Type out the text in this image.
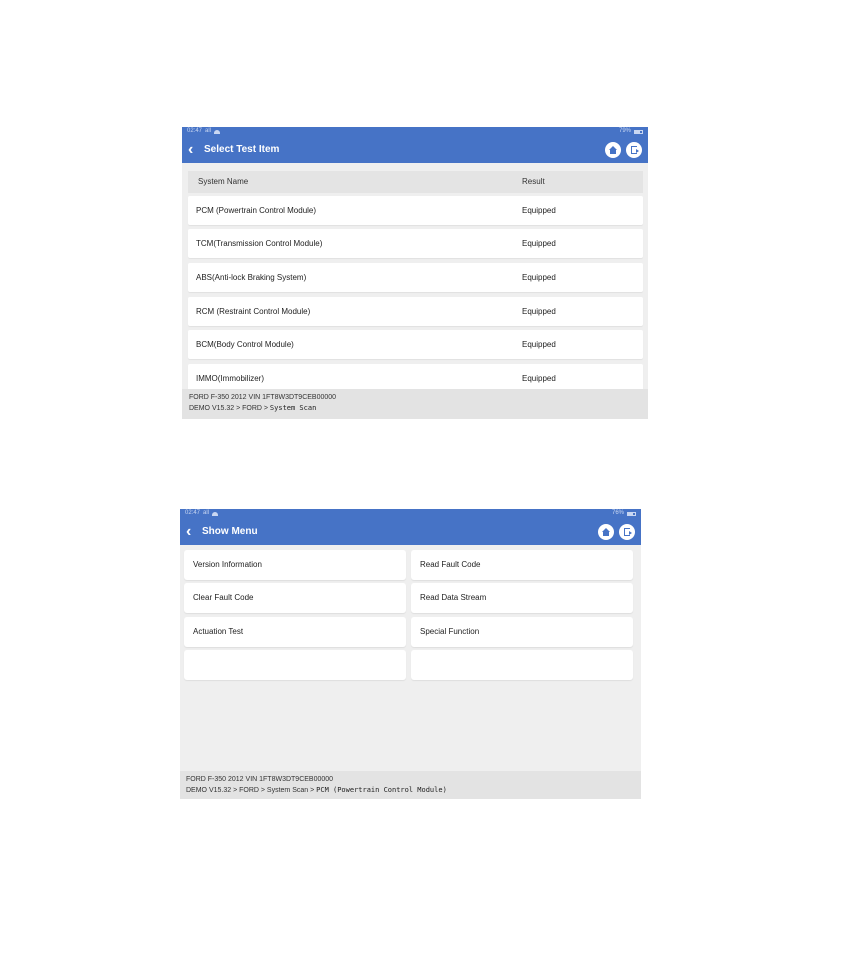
02:47 all	79%
‹	Select Test Item
System Name	Result
PCM (Powertrain Control Module)	Equipped
TCM(Transmission Control Module)	Equipped
ABS(Anti-lock Braking System)	Equipped
RCM (Restraint Control Module)	Equipped
BCM(Body Control Module)	Equipped
IMMO(Immobilizer)	Equipped
FORD F-350 2012 VIN 1FT8W3DT9CEB00000
DEMO V15.32 > FORD > System Scan
02:47 all	76%
‹	Show Menu
Version Information	Read Fault Code
Clear Fault Code	Read Data Stream
Actuation Test	Special Function
FORD F-350 2012 VIN 1FT8W3DT9CEB00000
DEMO V15.32 > FORD > System Scan > PCM (Powertrain Control Module)
